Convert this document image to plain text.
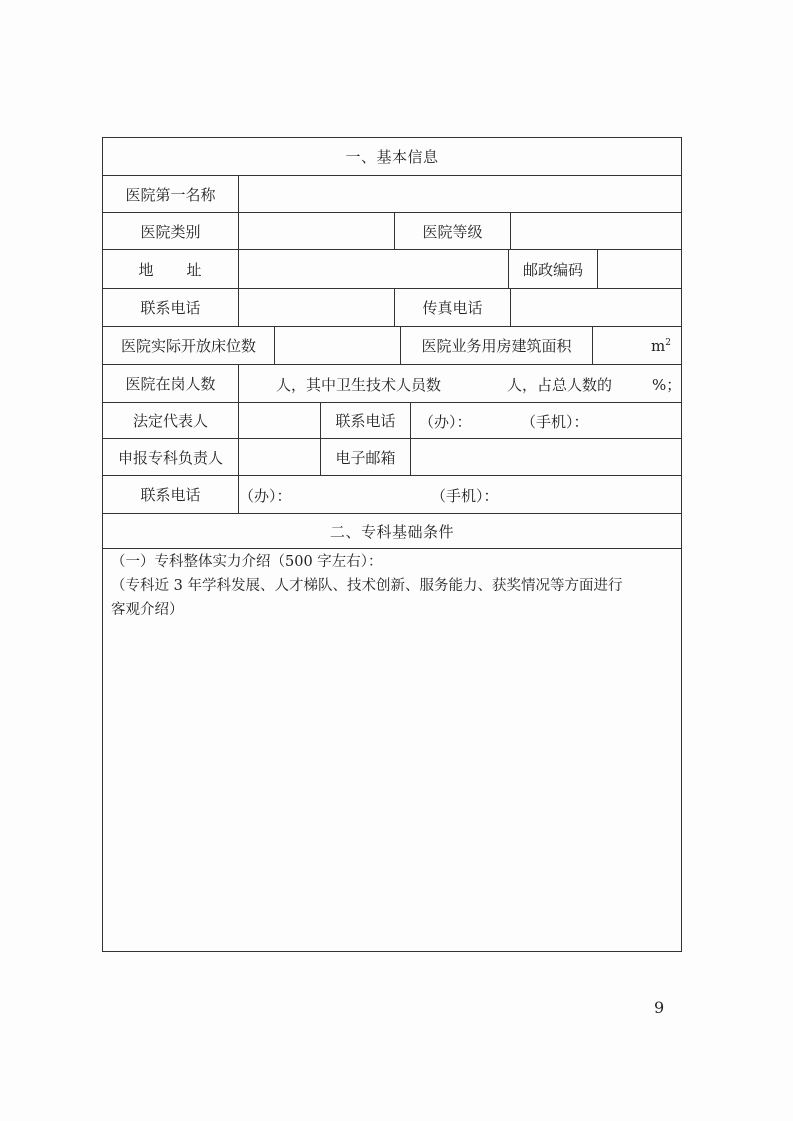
一、基本信息
医院第一名称
医院类别	医院等级
地　　址	邮政编码
联系电话	传真电话
医院实际开放床位数	医院业务用房建筑面积	$m^2$
医院在岗人数	人，其中卫生技术人员数	人，占总人数的	%；
法定代表人	联系电话	（办）：	（手机）：
申报专科负责人	电子邮箱
联系电话	（办）：	（手机）：
二、专科基础条件
（一）专科整体实力介绍（500 字左右）：
（专科近 3 年学科发展、人才梯队、技术创新、服务能力、获奖情况等方面进行
客观介绍）
9
